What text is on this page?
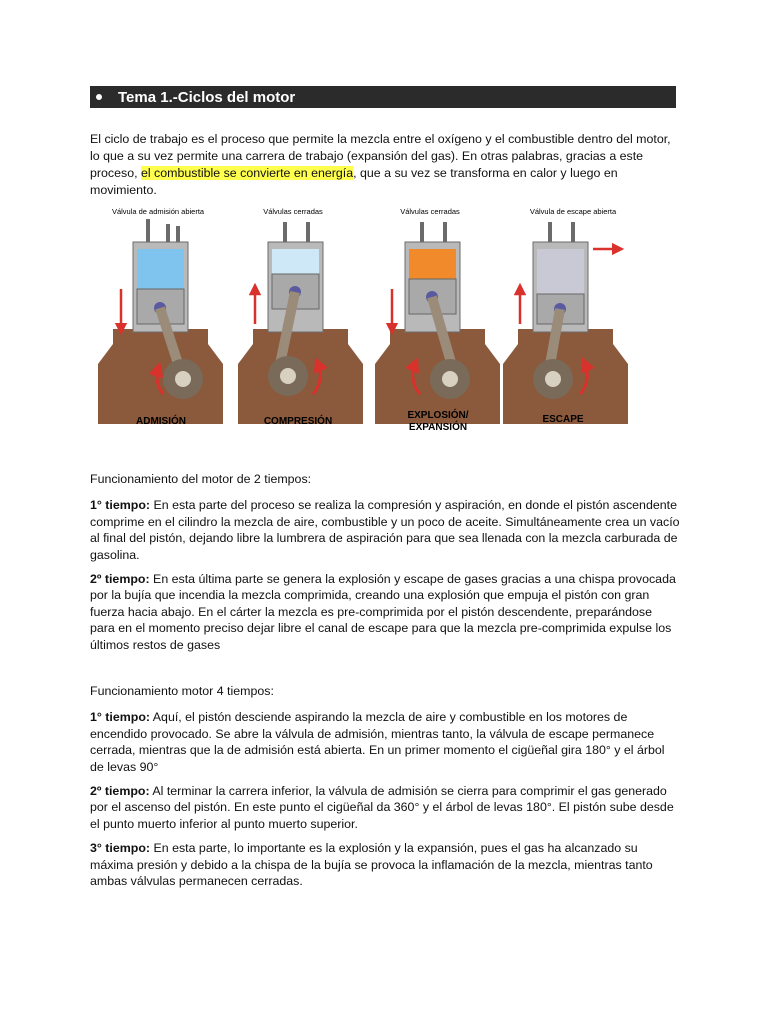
Tema 1.-Ciclos del motor
El ciclo de trabajo es el proceso que permite la mezcla entre el oxígeno y el combustible dentro del motor, lo que a su vez permite una carrera de trabajo (expansión del gas). En otras palabras, gracias a este proceso, el combustible se convierte en energía, que a su vez se transforma en calor y luego en movimiento.
Válvula de admisión abierta
ADMISIÓN
Válvulas cerradas
COMPRESIÓN
Válvulas cerradas
EXPLOSIÓN/
EXPANSIÓN
Válvula de escape abierta
ESCAPE

Funcionamiento del motor de 2 tiempos:

1° tiempo: En esta parte del proceso se realiza la compresión y aspiración, en donde el pistón ascendente comprime en el cilindro la mezcla de aire, combustible y un poco de aceite. Simultáneamente crea un vacío al final del pistón, dejando libre la lumbrera de aspiración para que sea llenada con la mezcla carburada de gasolina.

2º tiempo: En esta última parte se genera la explosión y escape de gases gracias a una chispa provocada por la bujía que incendia la mezcla comprimida, creando una explosión que empuja el pistón con gran fuerza hacia abajo. En el cárter la mezcla es pre-comprimida por el pistón descendente, preparándose para en el momento preciso dejar libre el canal de escape para que la mezcla pre-comprimida expulse los últimos restos de gases

Funcionamiento motor 4 tiempos:

1° tiempo: Aquí, el pistón desciende aspirando la mezcla de aire y combustible en los motores de encendido provocado. Se abre la válvula de admisión, mientras tanto, la válvula de escape permanece cerrada, mientras que la de admisión está abierta. En un primer momento el cigüeñal gira 180° y el árbol de levas 90°

2º tiempo: Al terminar la carrera inferior, la válvula de admisión se cierra para comprimir el gas generado por el ascenso del pistón. En este punto el cigüeñal da 360° y el árbol de levas 180°. El pistón sube desde el punto muerto inferior al punto muerto superior.

3° tiempo: En esta parte, lo importante es la explosión y la expansión, pues el gas ha alcanzado su máxima presión y debido a la chispa de la bujía se provoca la inflamación de la mezcla, mientras tanto ambas válvulas permanecen cerradas.
